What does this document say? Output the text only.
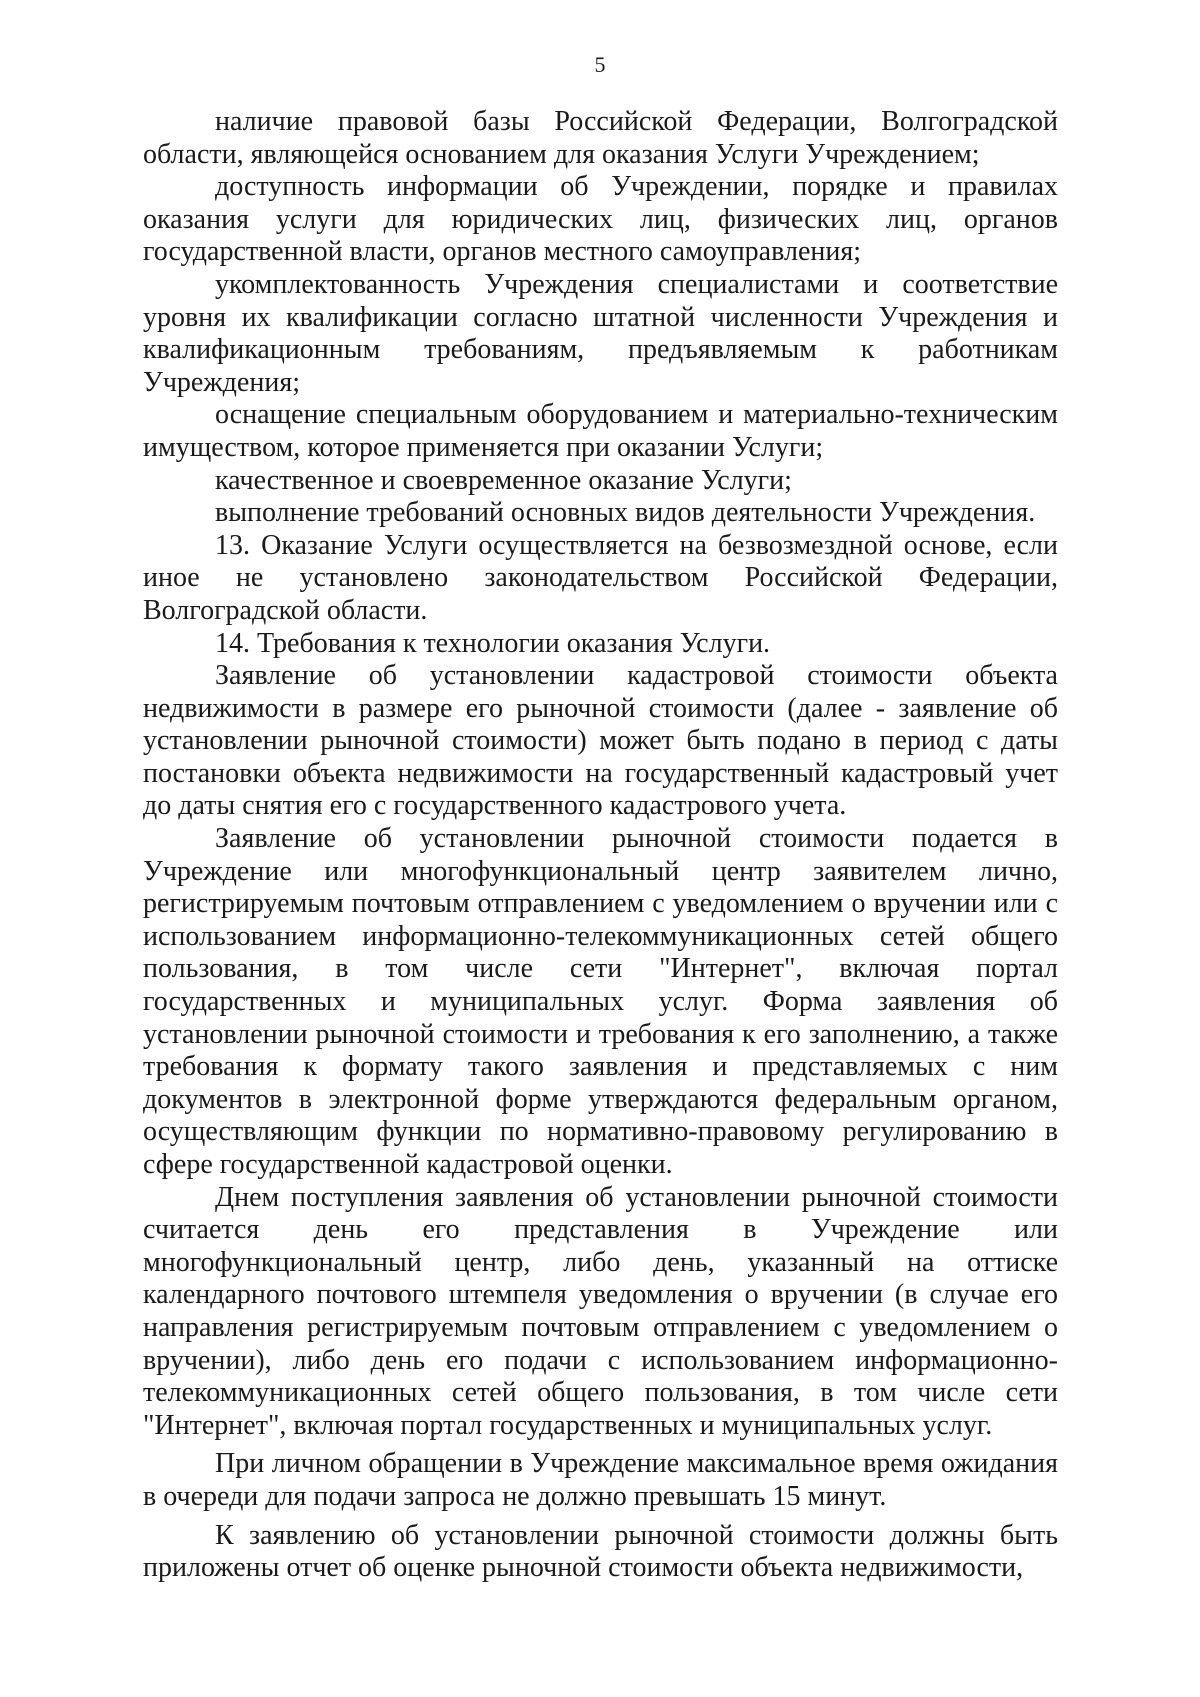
5

наличие правовой базы Российской Федерации, Волгоградской области, являющейся основанием для оказания Услуги Учреждением;

доступность информации об Учреждении, порядке и правилах оказания услуги для юридических лиц, физических лиц, органов государственной власти, органов местного самоуправления;

укомплектованность Учреждения специалистами и соответствие уровня их квалификации согласно штатной численности Учреждения и квалификационным требованиям, предъявляемым к работникам Учреждения;

оснащение специальным оборудованием и материально-техническим имуществом, которое применяется при оказании Услуги;

качественное и своевременное оказание Услуги;

выполнение требований основных видов деятельности Учреждения.

13. Оказание Услуги осуществляется на безвозмездной основе, если иное не установлено законодательством Российской Федерации, Волгоградской области.

14. Требования к технологии оказания Услуги.

Заявление об установлении кадастровой стоимости объекта недвижимости в размере его рыночной стоимости (далее - заявление об установлении рыночной стоимости) может быть подано в период с даты постановки объекта недвижимости на государственный кадастровый учет до даты снятия его с государственного кадастрового учета.

Заявление об установлении рыночной стоимости подается в Учреждение или многофункциональный центр заявителем лично, регистрируемым почтовым отправлением с уведомлением о вручении или с использованием информационно-телекоммуникационных сетей общего пользования, в том числе сети "Интернет", включая портал государственных и муниципальных услуг. Форма заявления об установлении рыночной стоимости и требования к его заполнению, а также требования к формату такого заявления и представляемых с ним документов в электронной форме утверждаются федеральным органом, осуществляющим функции по нормативно-правовому регулированию в сфере государственной кадастровой оценки.

Днем поступления заявления об установлении рыночной стоимости считается день его представления в Учреждение или многофункциональный центр, либо день, указанный на оттиске календарного почтового штемпеля уведомления о вручении (в случае его направления регистрируемым почтовым отправлением с уведомлением о вручении), либо день его подачи с использованием информационно-телекоммуникационных сетей общего пользования, в том числе сети "Интернет", включая портал государственных и муниципальных услуг.

При личном обращении в Учреждение максимальное время ожидания в очереди для подачи запроса не должно превышать 15 минут.

К заявлению об установлении рыночной стоимости должны быть приложены отчет об оценке рыночной стоимости объекта недвижимости,
